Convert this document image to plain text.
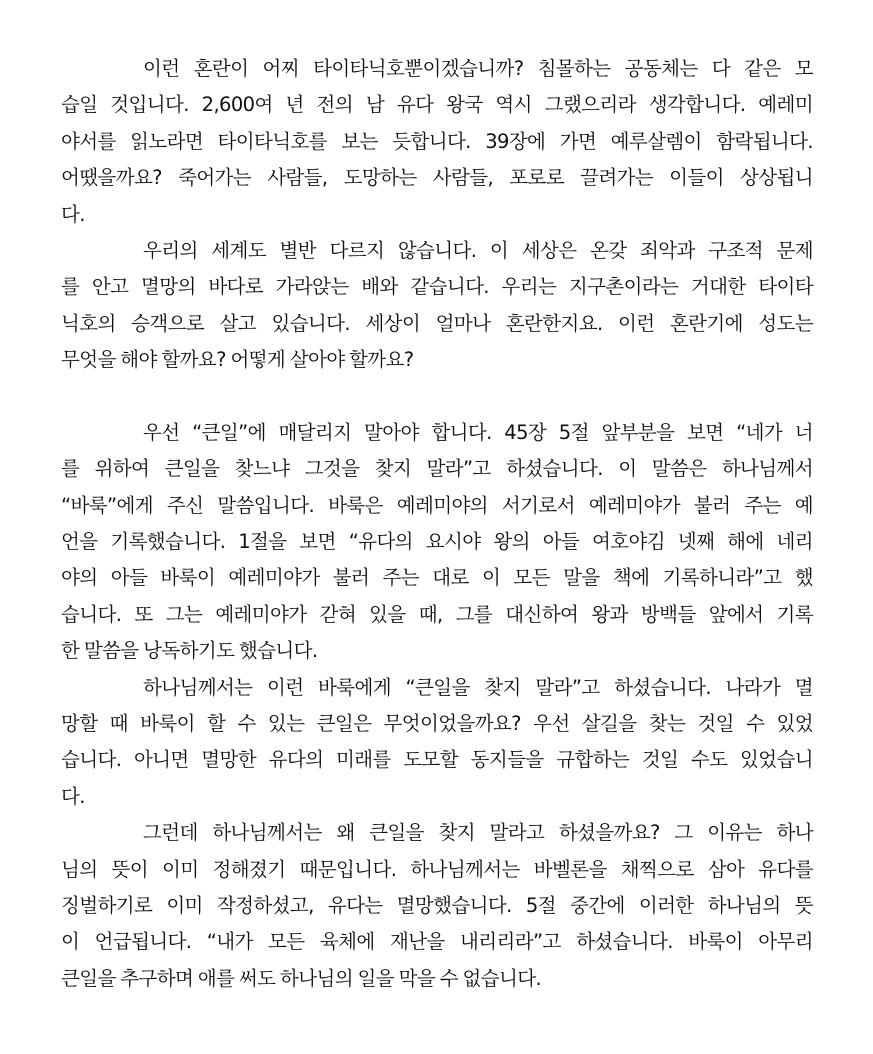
이런 혼란이 어찌 타이타닉호뿐이겠습니까? 침몰하는 공동체는 다 같은 모
습일 것입니다. 2,600여 년 전의 남 유다 왕국 역시 그랬으리라 생각합니다. 예레미
야서를 읽노라면 타이타닉호를 보는 듯합니다. 39장에 가면 예루살렘이 함락됩니다.
어땠을까요? 죽어가는 사람들, 도망하는 사람들, 포로로 끌려가는 이들이 상상됩니
다.
우리의 세계도 별반 다르지 않습니다. 이 세상은 온갖 죄악과 구조적 문제
를 안고 멸망의 바다로 가라앉는 배와 같습니다. 우리는 지구촌이라는 거대한 타이타
닉호의 승객으로 살고 있습니다. 세상이 얼마나 혼란한지요. 이런 혼란기에 성도는
무엇을 해야 할까요? 어떻게 살아야 할까요?
우선 “큰일”에 매달리지 말아야 합니다. 45장 5절 앞부분을 보면 “네가 너
를 위하여 큰일을 찾느냐 그것을 찾지 말라”고 하셨습니다. 이 말씀은 하나님께서
“바룩”에게 주신 말씀입니다. 바룩은 예레미야의 서기로서 예레미야가 불러 주는 예
언을 기록했습니다. 1절을 보면 “유다의 요시야 왕의 아들 여호야김 넷째 해에 네리
야의 아들 바룩이 예레미야가 불러 주는 대로 이 모든 말을 책에 기록하니라”고 했
습니다. 또 그는 예레미야가 갇혀 있을 때, 그를 대신하여 왕과 방백들 앞에서 기록
한 말씀을 낭독하기도 했습니다.
하나님께서는 이런 바룩에게 “큰일을 찾지 말라”고 하셨습니다. 나라가 멸
망할 때 바룩이 할 수 있는 큰일은 무엇이었을까요? 우선 살길을 찾는 것일 수 있었
습니다. 아니면 멸망한 유다의 미래를 도모할 동지들을 규합하는 것일 수도 있었습니
다.
그런데 하나님께서는 왜 큰일을 찾지 말라고 하셨을까요? 그 이유는 하나
님의 뜻이 이미 정해졌기 때문입니다. 하나님께서는 바벨론을 채찍으로 삼아 유다를
징벌하기로 이미 작정하셨고, 유다는 멸망했습니다. 5절 중간에 이러한 하나님의 뜻
이 언급됩니다. “내가 모든 육체에 재난을 내리리라”고 하셨습니다. 바룩이 아무리
큰일을 추구하며 애를 써도 하나님의 일을 막을 수 없습니다.
